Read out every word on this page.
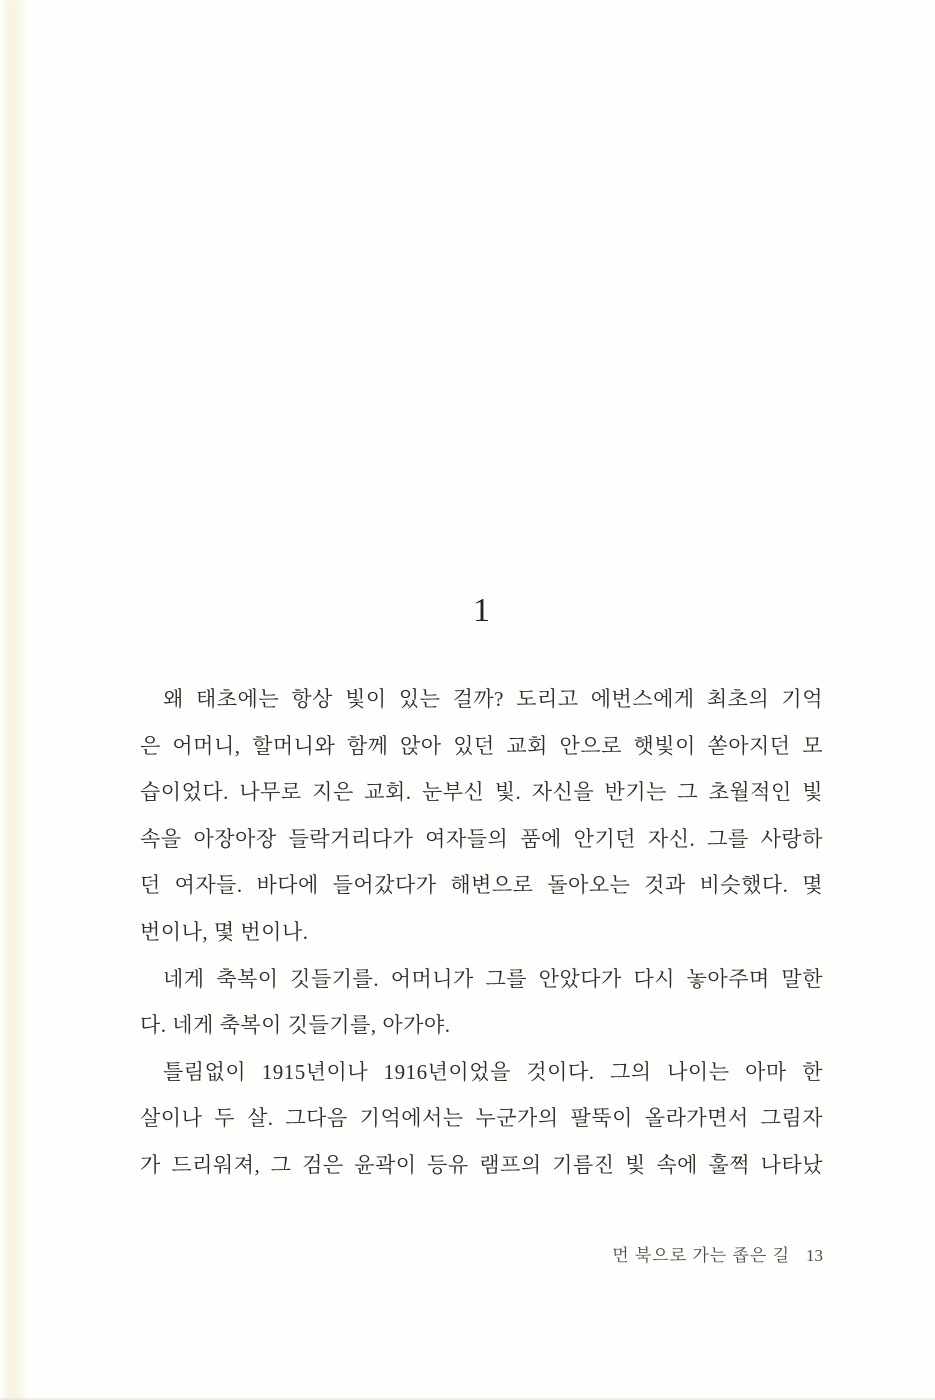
1
왜 태초에는 항상 빛이 있는 걸까? 도리고 에번스에게 최초의 기억
은 어머니, 할머니와 함께 앉아 있던 교회 안으로 햇빛이 쏟아지던 모
습이었다. 나무로 지은 교회. 눈부신 빛. 자신을 반기는 그 초월적인 빛
속을 아장아장 들락거리다가 여자들의 품에 안기던 자신. 그를 사랑하
던 여자들. 바다에 들어갔다가 해변으로 돌아오는 것과 비슷했다. 몇
번이나, 몇 번이나.
네게 축복이 깃들기를. 어머니가 그를 안았다가 다시 놓아주며 말한
다. 네게 축복이 깃들기를, 아가야.
틀림없이 1915년이나 1916년이었을 것이다. 그의 나이는 아마 한
살이나 두 살. 그다음 기억에서는 누군가의 팔뚝이 올라가면서 그림자
가 드리워져, 그 검은 윤곽이 등유 램프의 기름진 빛 속에 훌쩍 나타났
먼 북으로 가는 좁은 길 13
